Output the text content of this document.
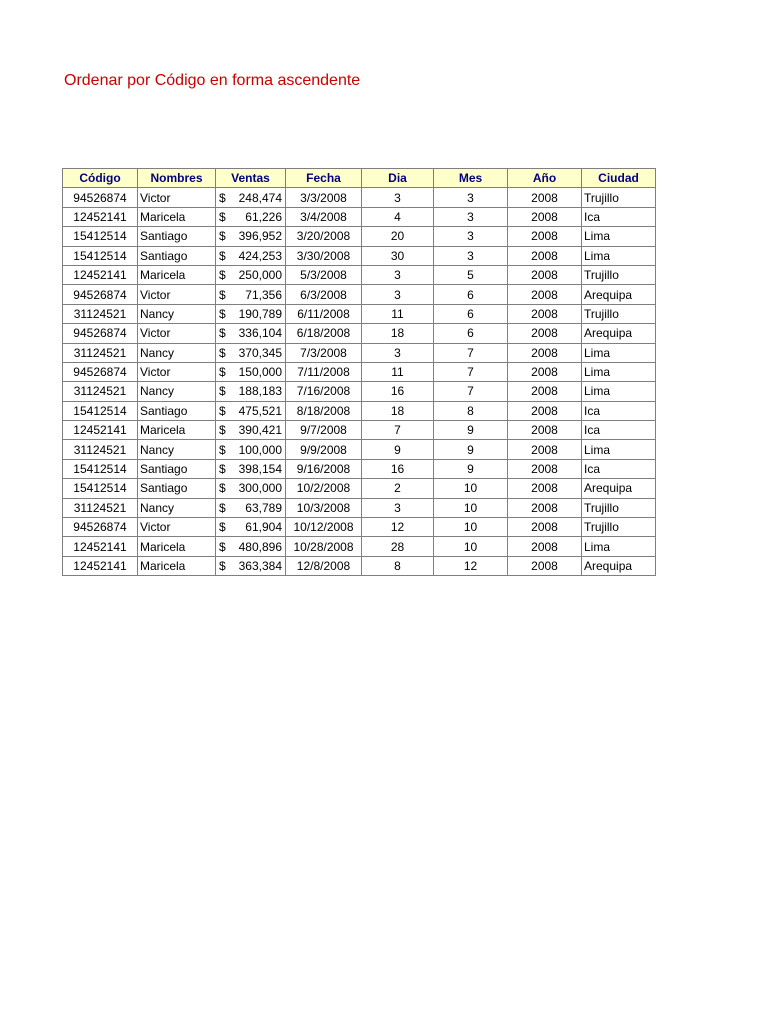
Ordenar por Código en forma ascendente
Código	Nombres	Ventas	Fecha	Dia	Mes	Año	Ciudad
94526874	Victor	$ 248,474	3/3/2008	3	3	2008	Trujillo
12452141	Maricela	$ 61,226	3/4/2008	4	3	2008	Ica
15412514	Santiago	$ 396,952	3/20/2008	20	3	2008	Lima
15412514	Santiago	$ 424,253	3/30/2008	30	3	2008	Lima
12452141	Maricela	$ 250,000	5/3/2008	3	5	2008	Trujillo
94526874	Victor	$ 71,356	6/3/2008	3	6	2008	Arequipa
31124521	Nancy	$ 190,789	6/11/2008	11	6	2008	Trujillo
94526874	Victor	$ 336,104	6/18/2008	18	6	2008	Arequipa
31124521	Nancy	$ 370,345	7/3/2008	3	7	2008	Lima
94526874	Victor	$ 150,000	7/11/2008	11	7	2008	Lima
31124521	Nancy	$ 188,183	7/16/2008	16	7	2008	Lima
15412514	Santiago	$ 475,521	8/18/2008	18	8	2008	Ica
12452141	Maricela	$ 390,421	9/7/2008	7	9	2008	Ica
31124521	Nancy	$ 100,000	9/9/2008	9	9	2008	Lima
15412514	Santiago	$ 398,154	9/16/2008	16	9	2008	Ica
15412514	Santiago	$ 300,000	10/2/2008	2	10	2008	Arequipa
31124521	Nancy	$ 63,789	10/3/2008	3	10	2008	Trujillo
94526874	Victor	$ 61,904	10/12/2008	12	10	2008	Trujillo
12452141	Maricela	$ 480,896	10/28/2008	28	10	2008	Lima
12452141	Maricela	$ 363,384	12/8/2008	8	12	2008	Arequipa
